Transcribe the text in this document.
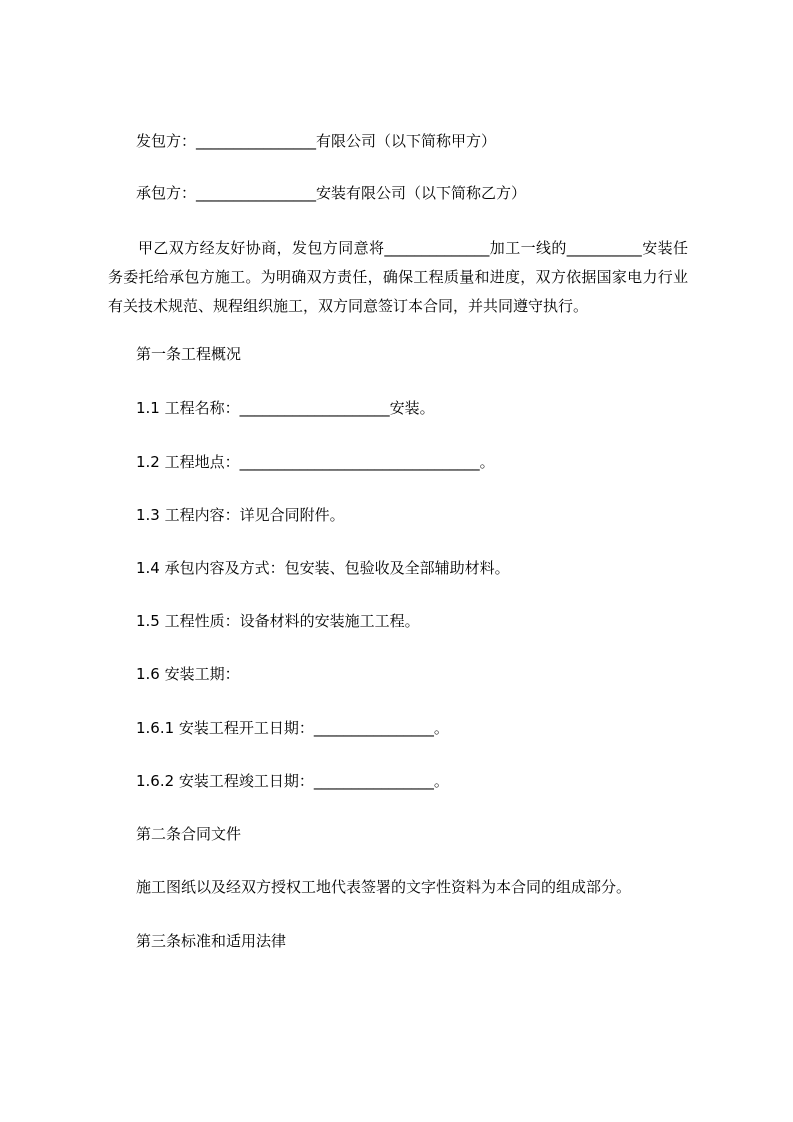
发包方：________________有限公司（以下简称甲方）
承包方：________________安装有限公司（以下简称乙方）
甲乙双方经友好协商，发包方同意将______________加工一线的__________安装任务委托给承包方施工。为明确双方责任，确保工程质量和进度，双方依据国家电力行业有关技术规范、规程组织施工，双方同意签订本合同，并共同遵守执行。
第一条工程概况
1.1 工程名称：____________________安装。
1.2 工程地点：________________________________。
1.3 工程内容：详见合同附件。
1.4 承包内容及方式：包安装、包验收及全部辅助材料。
1.5 工程性质：设备材料的安装施工工程。
1.6 安装工期：
1.6.1 安装工程开工日期：________________。
1.6.2 安装工程竣工日期：________________。
第二条合同文件
施工图纸以及经双方授权工地代表签署的文字性资料为本合同的组成部分。
第三条标准和适用法律
